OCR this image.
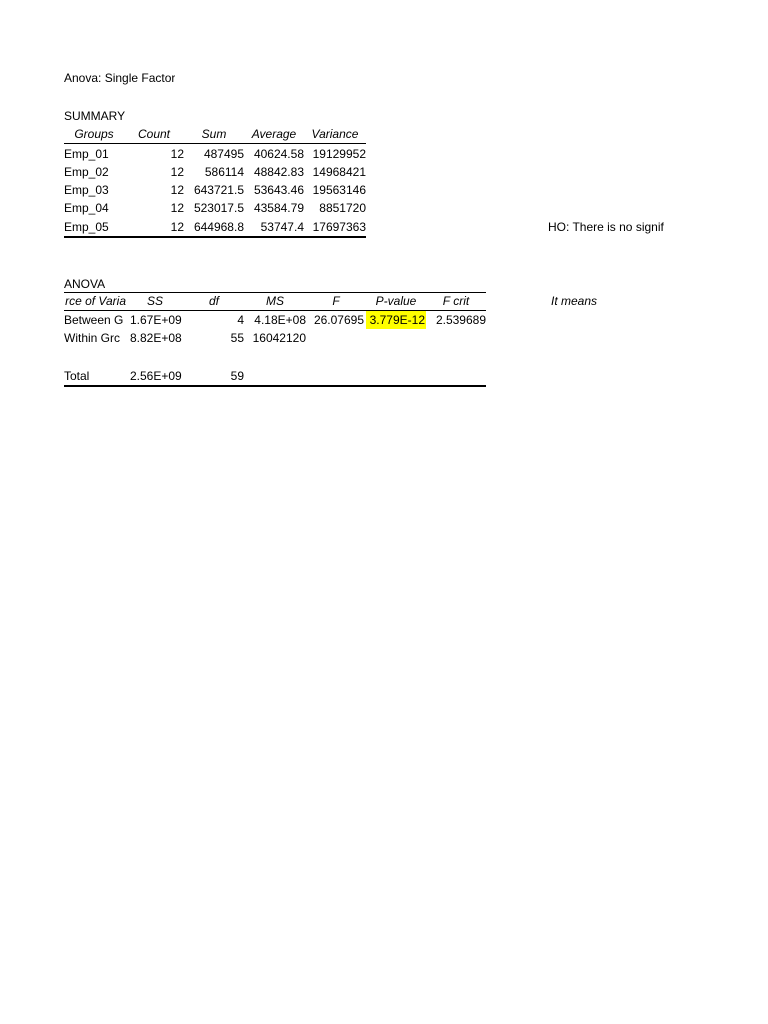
Anova: Single Factor
SUMMARY
Groups	Count	Sum	Average	Variance
Emp_01	12	487495 40624.58 19129952
Emp_02	12	586114 48842.83 14968421
Emp_03	12 643721.5 53643.46 19563146
Emp_04	12 523017.5 43584.79	8851720
Emp_05	12 644968.8	53747.4 17697363	HO: There is no signif
ANOVA
rce of Varia	SS	df	MS	F	P-value	F crit	It means
Between G 1.67E+09	4 4.18E+08 26.07695 3.779E-12 2.539689
Within Grc 8.82E+08	55 16042120
Total	2.56E+09	59
